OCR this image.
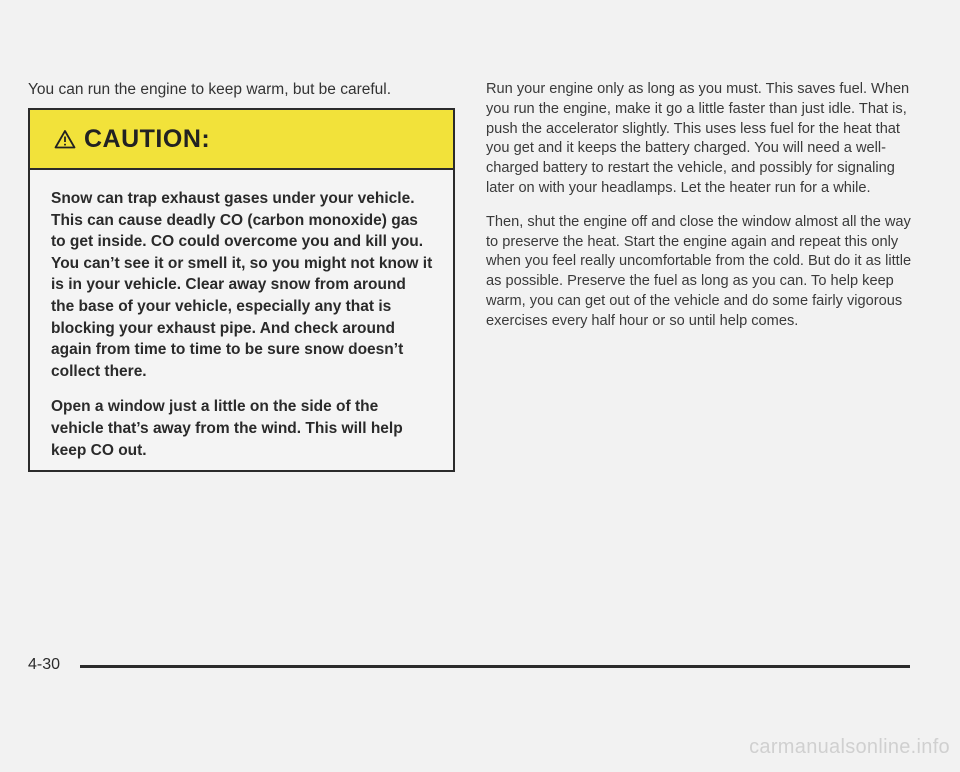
You can run the engine to keep warm, but be careful.

CAUTION:

Snow can trap exhaust gases under your vehicle. This can cause deadly CO (carbon monoxide) gas to get inside. CO could overcome you and kill you. You can’t see it or smell it, so you might not know it is in your vehicle. Clear away snow from around the base of your vehicle, especially any that is blocking your exhaust pipe. And check around again from time to time to be sure snow doesn’t collect there.

Open a window just a little on the side of the vehicle that’s away from the wind. This will help keep CO out.

Run your engine only as long as you must. This saves fuel. When you run the engine, make it go a little faster than just idle. That is, push the accelerator slightly. This uses less fuel for the heat that you get and it keeps the battery charged. You will need a well-charged battery to restart the vehicle, and possibly for signaling later on with your headlamps. Let the heater run for a while.

Then, shut the engine off and close the window almost all the way to preserve the heat. Start the engine again and repeat this only when you feel really uncomfortable from the cold. But do it as little as possible. Preserve the fuel as long as you can. To help keep warm, you can get out of the vehicle and do some fairly vigorous exercises every half hour or so until help comes.

4-30
carmanualsonline.info
